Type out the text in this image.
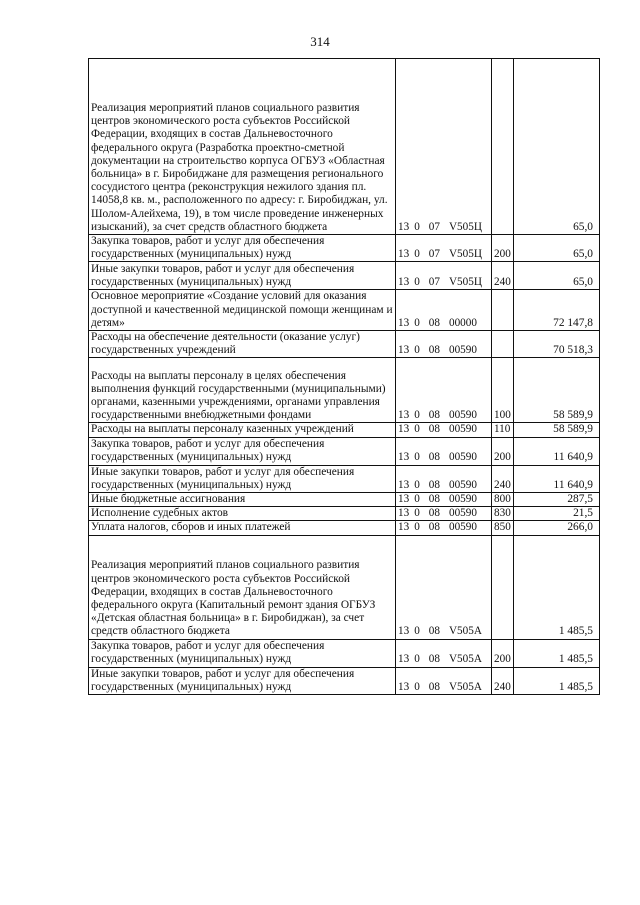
314
Реализация мероприятий планов социального развития центров экономического роста субъектов Российской Федерации, входящих в состав Дальневосточного федерального округа (Разработка проектно-сметной документации на строительство корпуса ОГБУЗ «Областная больница» в г. Биробиджане для размещения регионального сосудистого центра (реконструкция нежилого здания пл. 14058,8 кв. м., расположенного по адресу: г. Биробиджан, ул. Шолом-Алейхема, 19), в том числе проведение инженерных изысканий), за счет средств областного бюджета	13 0 07 V505Ц		65,0
Закупка товаров, работ и услуг для обеспечения государственных (муниципальных) нужд	13 0 07 V505Ц	200	65,0
Иные закупки товаров, работ и услуг для обеспечения государственных (муниципальных) нужд	13 0 07 V505Ц	240	65,0
Основное мероприятие «Создание условий для оказания доступной и качественной медицинской помощи женщинам и детям»	13 0 08 00000		72 147,8
Расходы на обеспечение деятельности (оказание услуг) государственных учреждений	13 0 08 00590		70 518,3
Расходы на выплаты персоналу в целях обеспечения выполнения функций государственными (муниципальными) органами, казенными учреждениями, органами управления государственными внебюджетными фондами	13 0 08 00590	100	58 589,9
Расходы на выплаты персоналу казенных учреждений	13 0 08 00590	110	58 589,9
Закупка товаров, работ и услуг для обеспечения государственных (муниципальных) нужд	13 0 08 00590	200	11 640,9
Иные закупки товаров, работ и услуг для обеспечения государственных (муниципальных) нужд	13 0 08 00590	240	11 640,9
Иные бюджетные ассигнования	13 0 08 00590	800	287,5
Исполнение судебных актов	13 0 08 00590	830	21,5
Уплата налогов, сборов и иных платежей	13 0 08 00590	850	266,0
Реализация мероприятий планов социального развития центров экономического роста субъектов Российской Федерации, входящих в состав Дальневосточного федерального округа (Капитальный ремонт здания ОГБУЗ «Детская областная больница» в г. Биробиджан), за счет средств областного бюджета	13 0 08 V505А		1 485,5
Закупка товаров, работ и услуг для обеспечения государственных (муниципальных) нужд	13 0 08 V505А	200	1 485,5
Иные закупки товаров, работ и услуг для обеспечения государственных (муниципальных) нужд	13 0 08 V505А	240	1 485,5
